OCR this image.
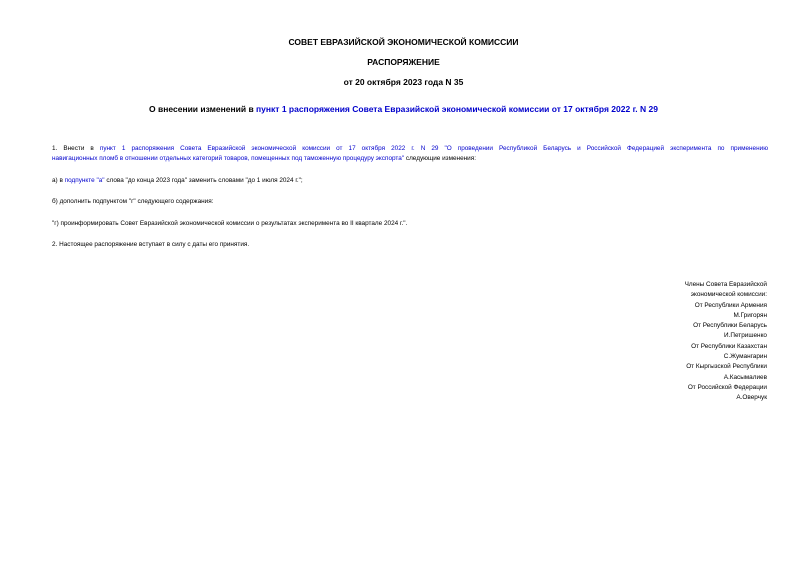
СОВЕТ ЕВРАЗИЙСКОЙ ЭКОНОМИЧЕСКОЙ КОМИССИИ
РАСПОРЯЖЕНИЕ
от 20 октября 2023 года N 35
О внесении изменений в пункт 1 распоряжения Совета Евразийской экономической комиссии от 17 октября 2022 г. N 29
1. Внести в пункт 1 распоряжения Совета Евразийской экономической комиссии от 17 октября 2022 г. N 29 "О проведении Республикой Беларусь и Российской Федерацией эксперимента по применению
навигационных пломб в отношении отдельных категорий товаров, помещенных под таможенную процедуру экспорта" следующие изменения:
а) в подпункте "а" слова "до конца 2023 года" заменить словами "до 1 июля 2024 г.";
б) дополнить подпунктом "г" следующего содержания:
"г) проинформировать Совет Евразийской экономической комиссии о результатах эксперимента во II квартале 2024 г.".
2. Настоящее распоряжение вступает в силу с даты его принятия.
Члены Совета Евразийской
экономической комиссии:
От Республики Армения
М.Григорян
От Республики Беларусь
И.Петришенко
От Республики Казахстан
С.Жумангарин
От Кыргызской Республики
А.Касымалиев
От Российской Федерации
А.Оверчук
